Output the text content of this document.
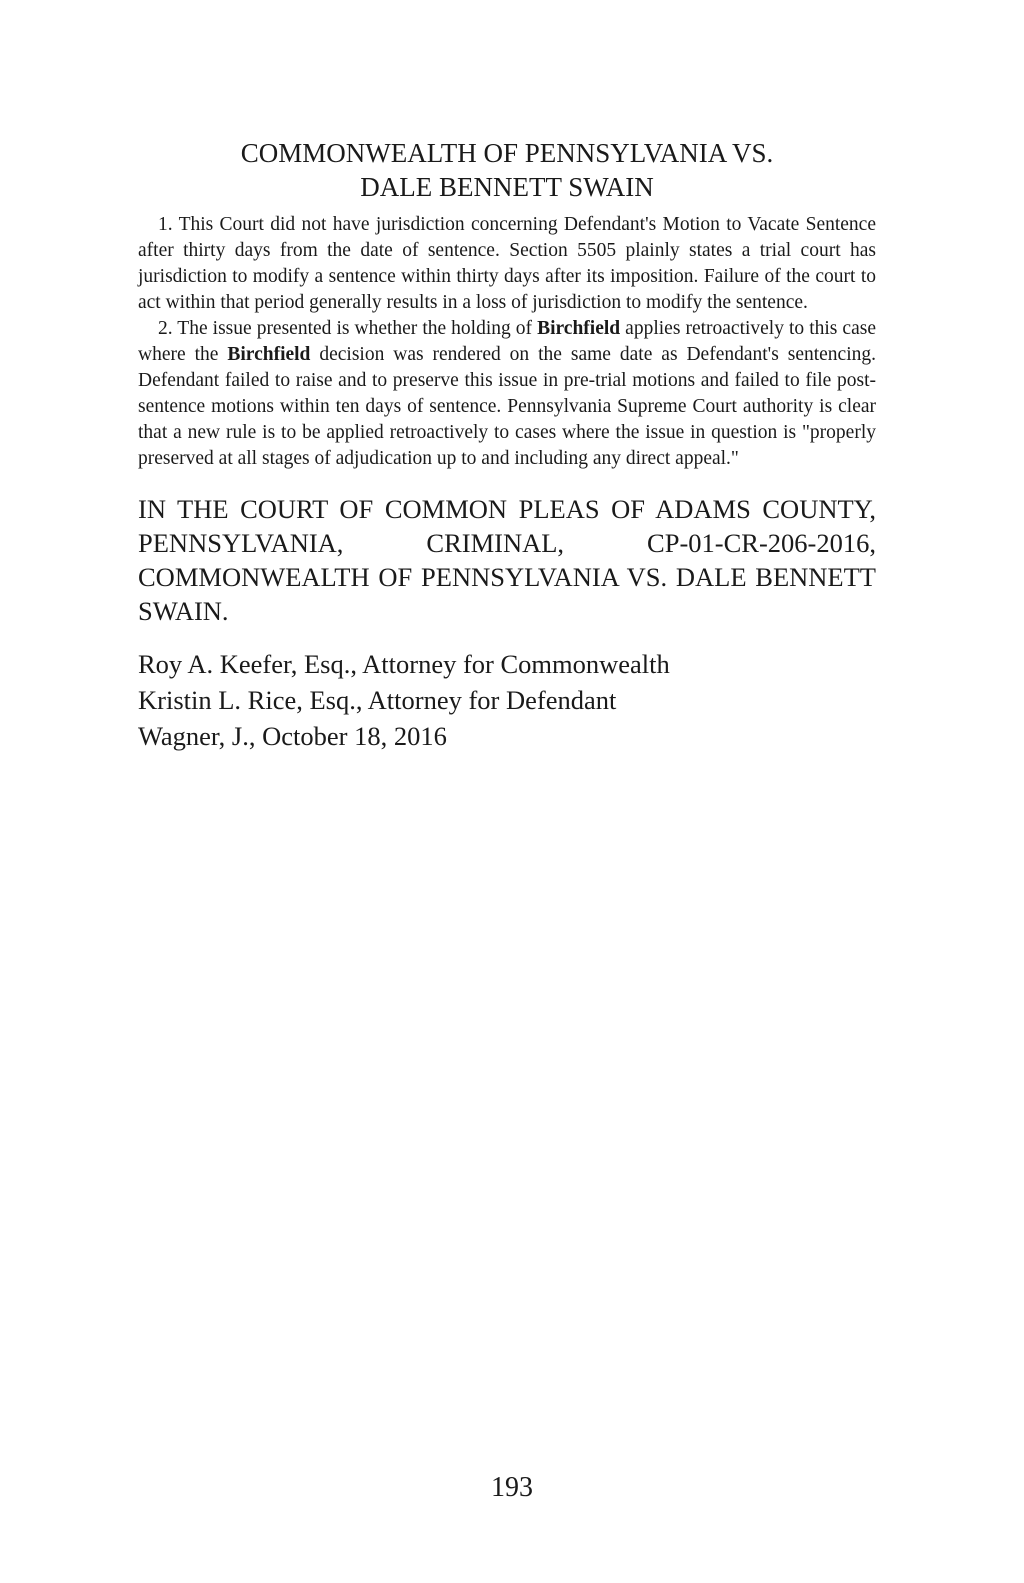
COMMONWEALTH OF PENNSYLVANIA VS.
DALE BENNETT SWAIN

1. This Court did not have jurisdiction concerning Defendant's Motion to Vacate Sentence after thirty days from the date of sentence. Section 5505 plainly states a trial court has jurisdiction to modify a sentence within thirty days after its imposition. Failure of the court to act within that period generally results in a loss of jurisdiction to modify the sentence.

2. The issue presented is whether the holding of Birchfield applies retroactively to this case where the Birchfield decision was rendered on the same date as Defendant's sentencing. Defendant failed to raise and to preserve this issue in pre-trial motions and failed to file post-sentence motions within ten days of sentence. Pennsylvania Supreme Court authority is clear that a new rule is to be applied retroactively to cases where the issue in question is "properly preserved at all stages of adjudication up to and including any direct appeal."

IN THE COURT OF COMMON PLEAS OF ADAMS COUNTY, PENNSYLVANIA, CRIMINAL, CP-01-CR-206-2016, COMMONWEALTH OF PENNSYLVANIA VS. DALE BENNETT SWAIN.
Roy A. Keefer, Esq., Attorney for Commonwealth
Kristin L. Rice, Esq., Attorney for Defendant
Wagner, J., October 18, 2016
193
